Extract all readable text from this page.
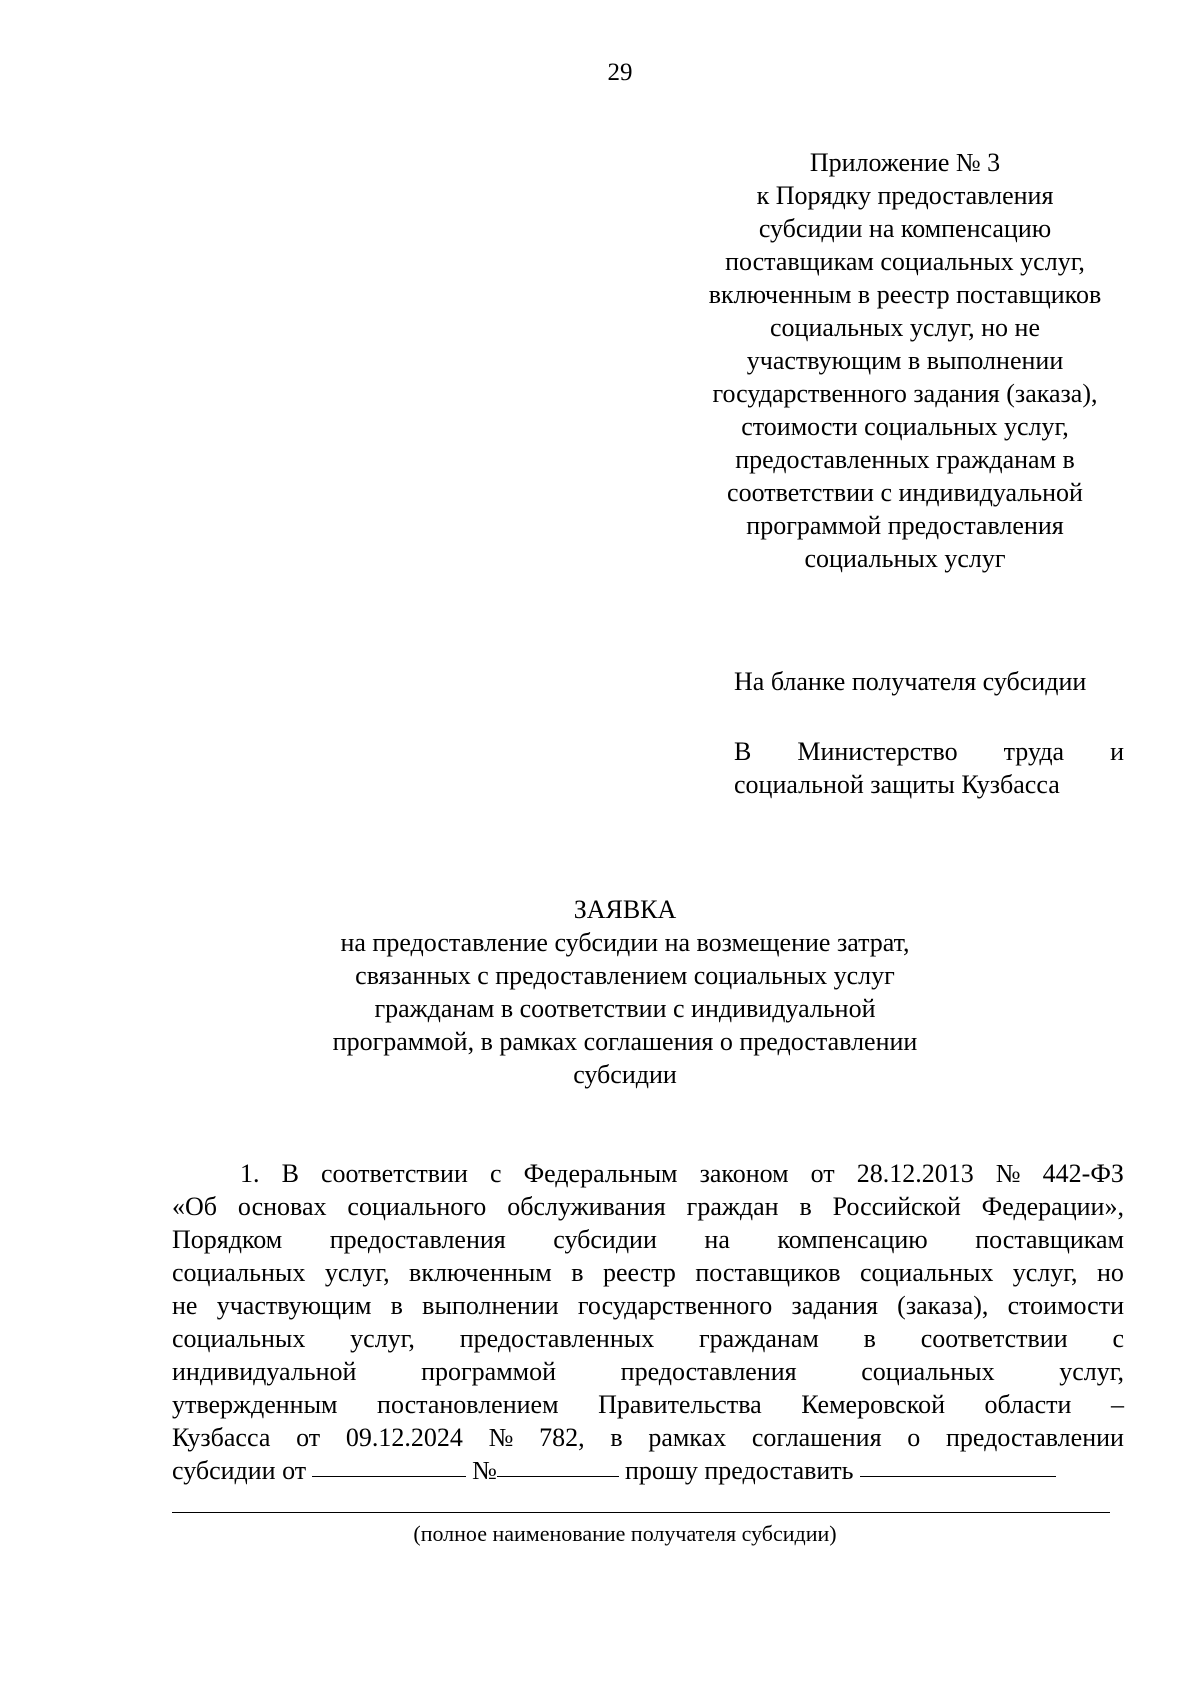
29
Приложение № 3
к Порядку предоставления
субсидии на компенсацию
поставщикам социальных услуг,
включенным в реестр поставщиков
социальных услуг, но не
участвующим в выполнении
государственного задания (заказа),
стоимости социальных услуг,
предоставленных гражданам в
соответствии с индивидуальной
программой предоставления
социальных услуг
На бланке получателя субсидии
В Министерство труда и
социальной защиты Кузбасса
ЗАЯВКА
на предоставление субсидии на возмещение затрат,
связанных с предоставлением социальных услуг
гражданам в соответствии с индивидуальной
программой, в рамках соглашения о предоставлении
субсидии
1. В соответствии с Федеральным законом от 28.12.2013 № 442-ФЗ
«Об основах социального обслуживания граждан в Российской Федерации»,
Порядком предоставления субсидии на компенсацию поставщикам
социальных услуг, включенным в реестр поставщиков социальных услуг, но
не участвующим в выполнении государственного задания (заказа), стоимости
социальных услуг, предоставленных гражданам в соответствии с
индивидуальной программой предоставления социальных услуг,
утвержденным постановлением Правительства Кемеровской области –
Кузбасса от 09.12.2024 № 782, в рамках соглашения о предоставлении
субсидии от	№	прошу предоставить
(полное наименование получателя субсидии)
